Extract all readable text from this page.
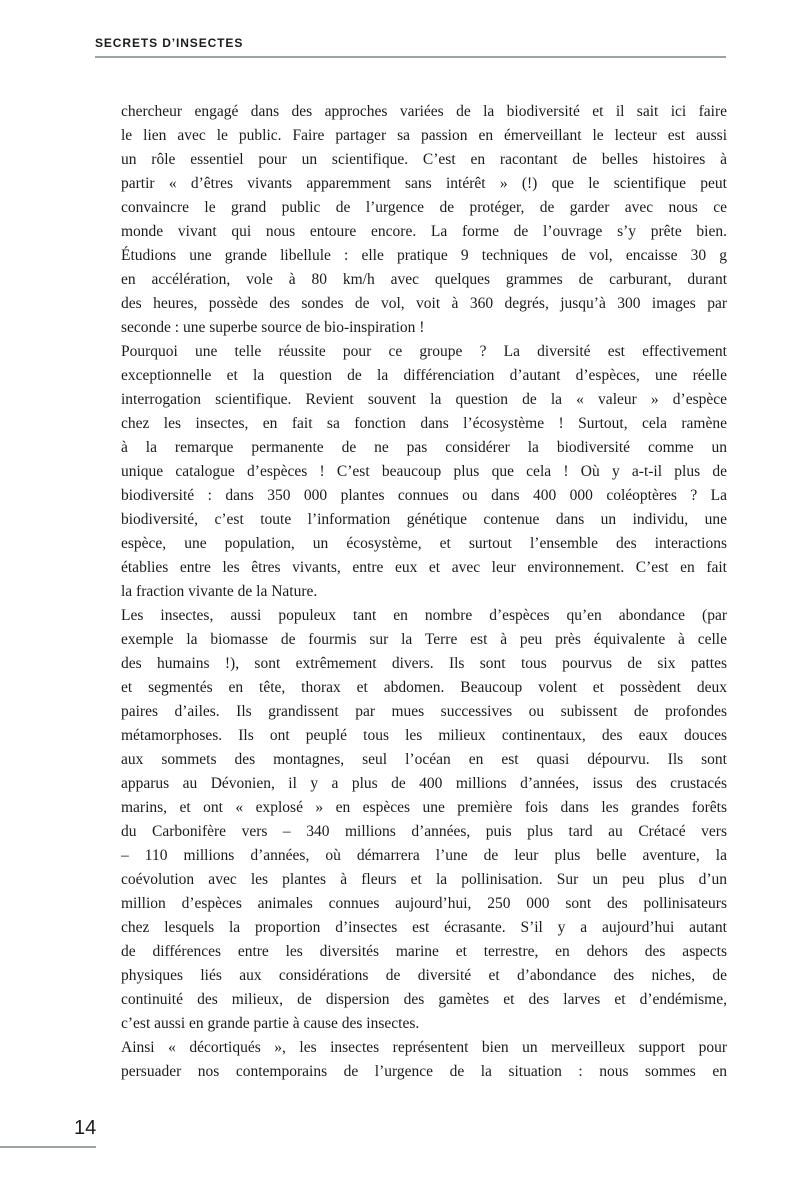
SECRETS D’INSECTES

chercheur engagé dans des approches variées de la biodiversité et il sait ici faire
le lien avec le public. Faire partager sa passion en émerveillant le lecteur est aussi
un rôle essentiel pour un scientifique. C’est en racontant de belles histoires à
partir « d’êtres vivants apparemment sans intérêt » (!) que le scientifique peut
convaincre le grand public de l’urgence de protéger, de garder avec nous ce
monde vivant qui nous entoure encore. La forme de l’ouvrage s’y prête bien.
Étudions une grande libellule : elle pratique 9 techniques de vol, encaisse 30 g
en accélération, vole à 80 km/h avec quelques grammes de carburant, durant
des heures, possède des sondes de vol, voit à 360 degrés, jusqu’à 300 images par
seconde : une superbe source de bio-inspiration !

Pourquoi une telle réussite pour ce groupe ? La diversité est effectivement
exceptionnelle et la question de la différenciation d’autant d’espèces, une réelle
interrogation scientifique. Revient souvent la question de la « valeur » d’espèce
chez les insectes, en fait sa fonction dans l’écosystème ! Surtout, cela ramène
à la remarque permanente de ne pas considérer la biodiversité comme un
unique catalogue d’espèces ! C’est beaucoup plus que cela ! Où y a-t-il plus de
biodiversité : dans 350 000 plantes connues ou dans 400 000 coléoptères ? La
biodiversité, c’est toute l’information génétique contenue dans un individu, une
espèce, une population, un écosystème, et surtout l’ensemble des interactions
établies entre les êtres vivants, entre eux et avec leur environnement. C’est en fait
la fraction vivante de la Nature.

Les insectes, aussi populeux tant en nombre d’espèces qu’en abondance (par
exemple la biomasse de fourmis sur la Terre est à peu près équivalente à celle
des humains !), sont extrêmement divers. Ils sont tous pourvus de six pattes
et segmentés en tête, thorax et abdomen. Beaucoup volent et possèdent deux
paires d’ailes. Ils grandissent par mues successives ou subissent de profondes
métamorphoses. Ils ont peuplé tous les milieux continentaux, des eaux douces
aux sommets des montagnes, seul l’océan en est quasi dépourvu. Ils sont
apparus au Dévonien, il y a plus de 400 millions d’années, issus des crustacés
marins, et ont « explosé » en espèces une première fois dans les grandes forêts
du Carbonifère vers – 340 millions d’années, puis plus tard au Crétacé vers
– 110 millions d’années, où démarrera l’une de leur plus belle aventure, la
coévolution avec les plantes à fleurs et la pollinisation. Sur un peu plus d’un
million d’espèces animales connues aujourd’hui, 250 000 sont des pollinisateurs
chez lesquels la proportion d’insectes est écrasante. S’il y a aujourd’hui autant
de différences entre les diversités marine et terrestre, en dehors des aspects
physiques liés aux considérations de diversité et d’abondance des niches, de
continuité des milieux, de dispersion des gamètes et des larves et d’endémisme,
c’est aussi en grande partie à cause des insectes.

Ainsi « décortiqués », les insectes représentent bien un merveilleux support pour
persuader nos contemporains de l’urgence de la situation : nous sommes en

14
